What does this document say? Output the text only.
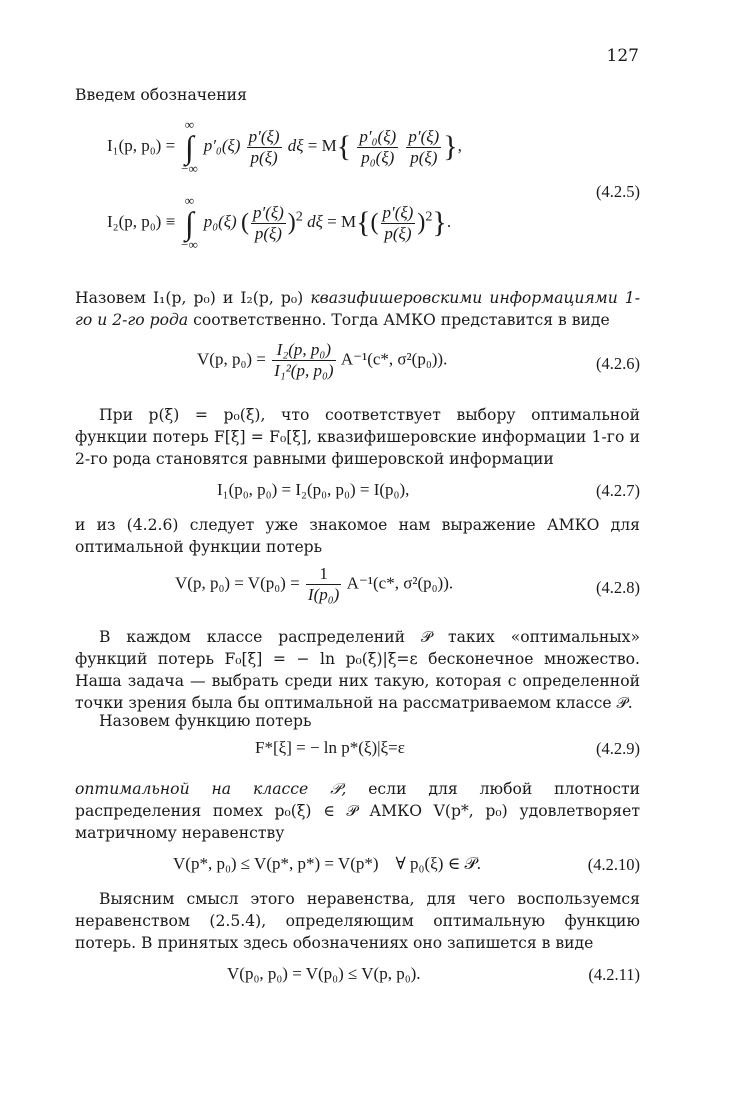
127
Введем обозначения
I₁(p, p₀) =
∞
∫
−∞
$p'_0(\xi) \frac{p'(\xi)}{p(\xi)}$ $d\xi = M\{ \frac{\text{p′₀(ξ)}}{\text{p₀(ξ)}}$
$\frac{p'(\xi)}{p(\xi)}$ },
I₂(p, p₀) ≡
∞
∫
−∞
p₀(ξ) ( $\frac{p'(\xi)}{p(\xi)} )^2$ $d\xi = M\{( \frac{p'(\xi)}{p(\xi)} )^2\}$.
(4.2.5)
Назовем I₁(p, p₀) и I₂(p, p₀) квазифишеровскими информациями 1-го и 2-го рода соответственно. Тогда АМКО представится в виде
V(p, $p_0) = \frac{\text{I₂(p, p₀)}}{\text{I₁²(p, p₀)}} A^{-1}(c*$, σ²(p₀)).	(4.2.6)
При p(ξ) = p₀(ξ), что соответствует выбору оптимальной функции потерь F[ξ] = F₀[ξ], квазифишеровские информации 1-го и 2-го рода становятся равными фишеровской информации
I₁(p₀, p₀) = I₂(p₀, p₀) = I(p₀),	(4.2.7)
и из (4.2.6) следует уже знакомое нам выражение АМКО для оптимальной функции потерь
V(p, $p_0) = V(p_0) = \frac{1}{\text{I(p₀)}} A^{-1}(c*$, σ²(p₀)).	(4.2.8)
В каждом классе распределений 𝒫 таких «оптимальных» функций потерь F₀[ξ] = − ln p₀(ξ)|ξ=ε бесконечное множество. Наша задача — выбрать среди них такую, которая с определенной точки зрения была бы оптимальной на рассматриваемом классе 𝒫.
Назовем функцию потерь
F*[ξ] = − ln p*(ξ)|ξ=ε	(4.2.9)
оптимальной на классе 𝒫, если для любой плотности распределения помех p₀(ξ) ∈ 𝒫 АМКО V(p*, p₀) удовлетворяет матричному неравенству
V(p*, p₀) ≤ V(p*, p*) = V(p*)    ∀ p₀(ξ) ∈ 𝒫.	(4.2.10)
Выясним смысл этого неравенства, для чего воспользуемся неравенством (2.5.4), определяющим оптимальную функцию потерь. В принятых здесь обозначениях оно запишется в виде
V(p₀, p₀) = V(p₀) ≤ V(p, p₀).	(4.2.11)
